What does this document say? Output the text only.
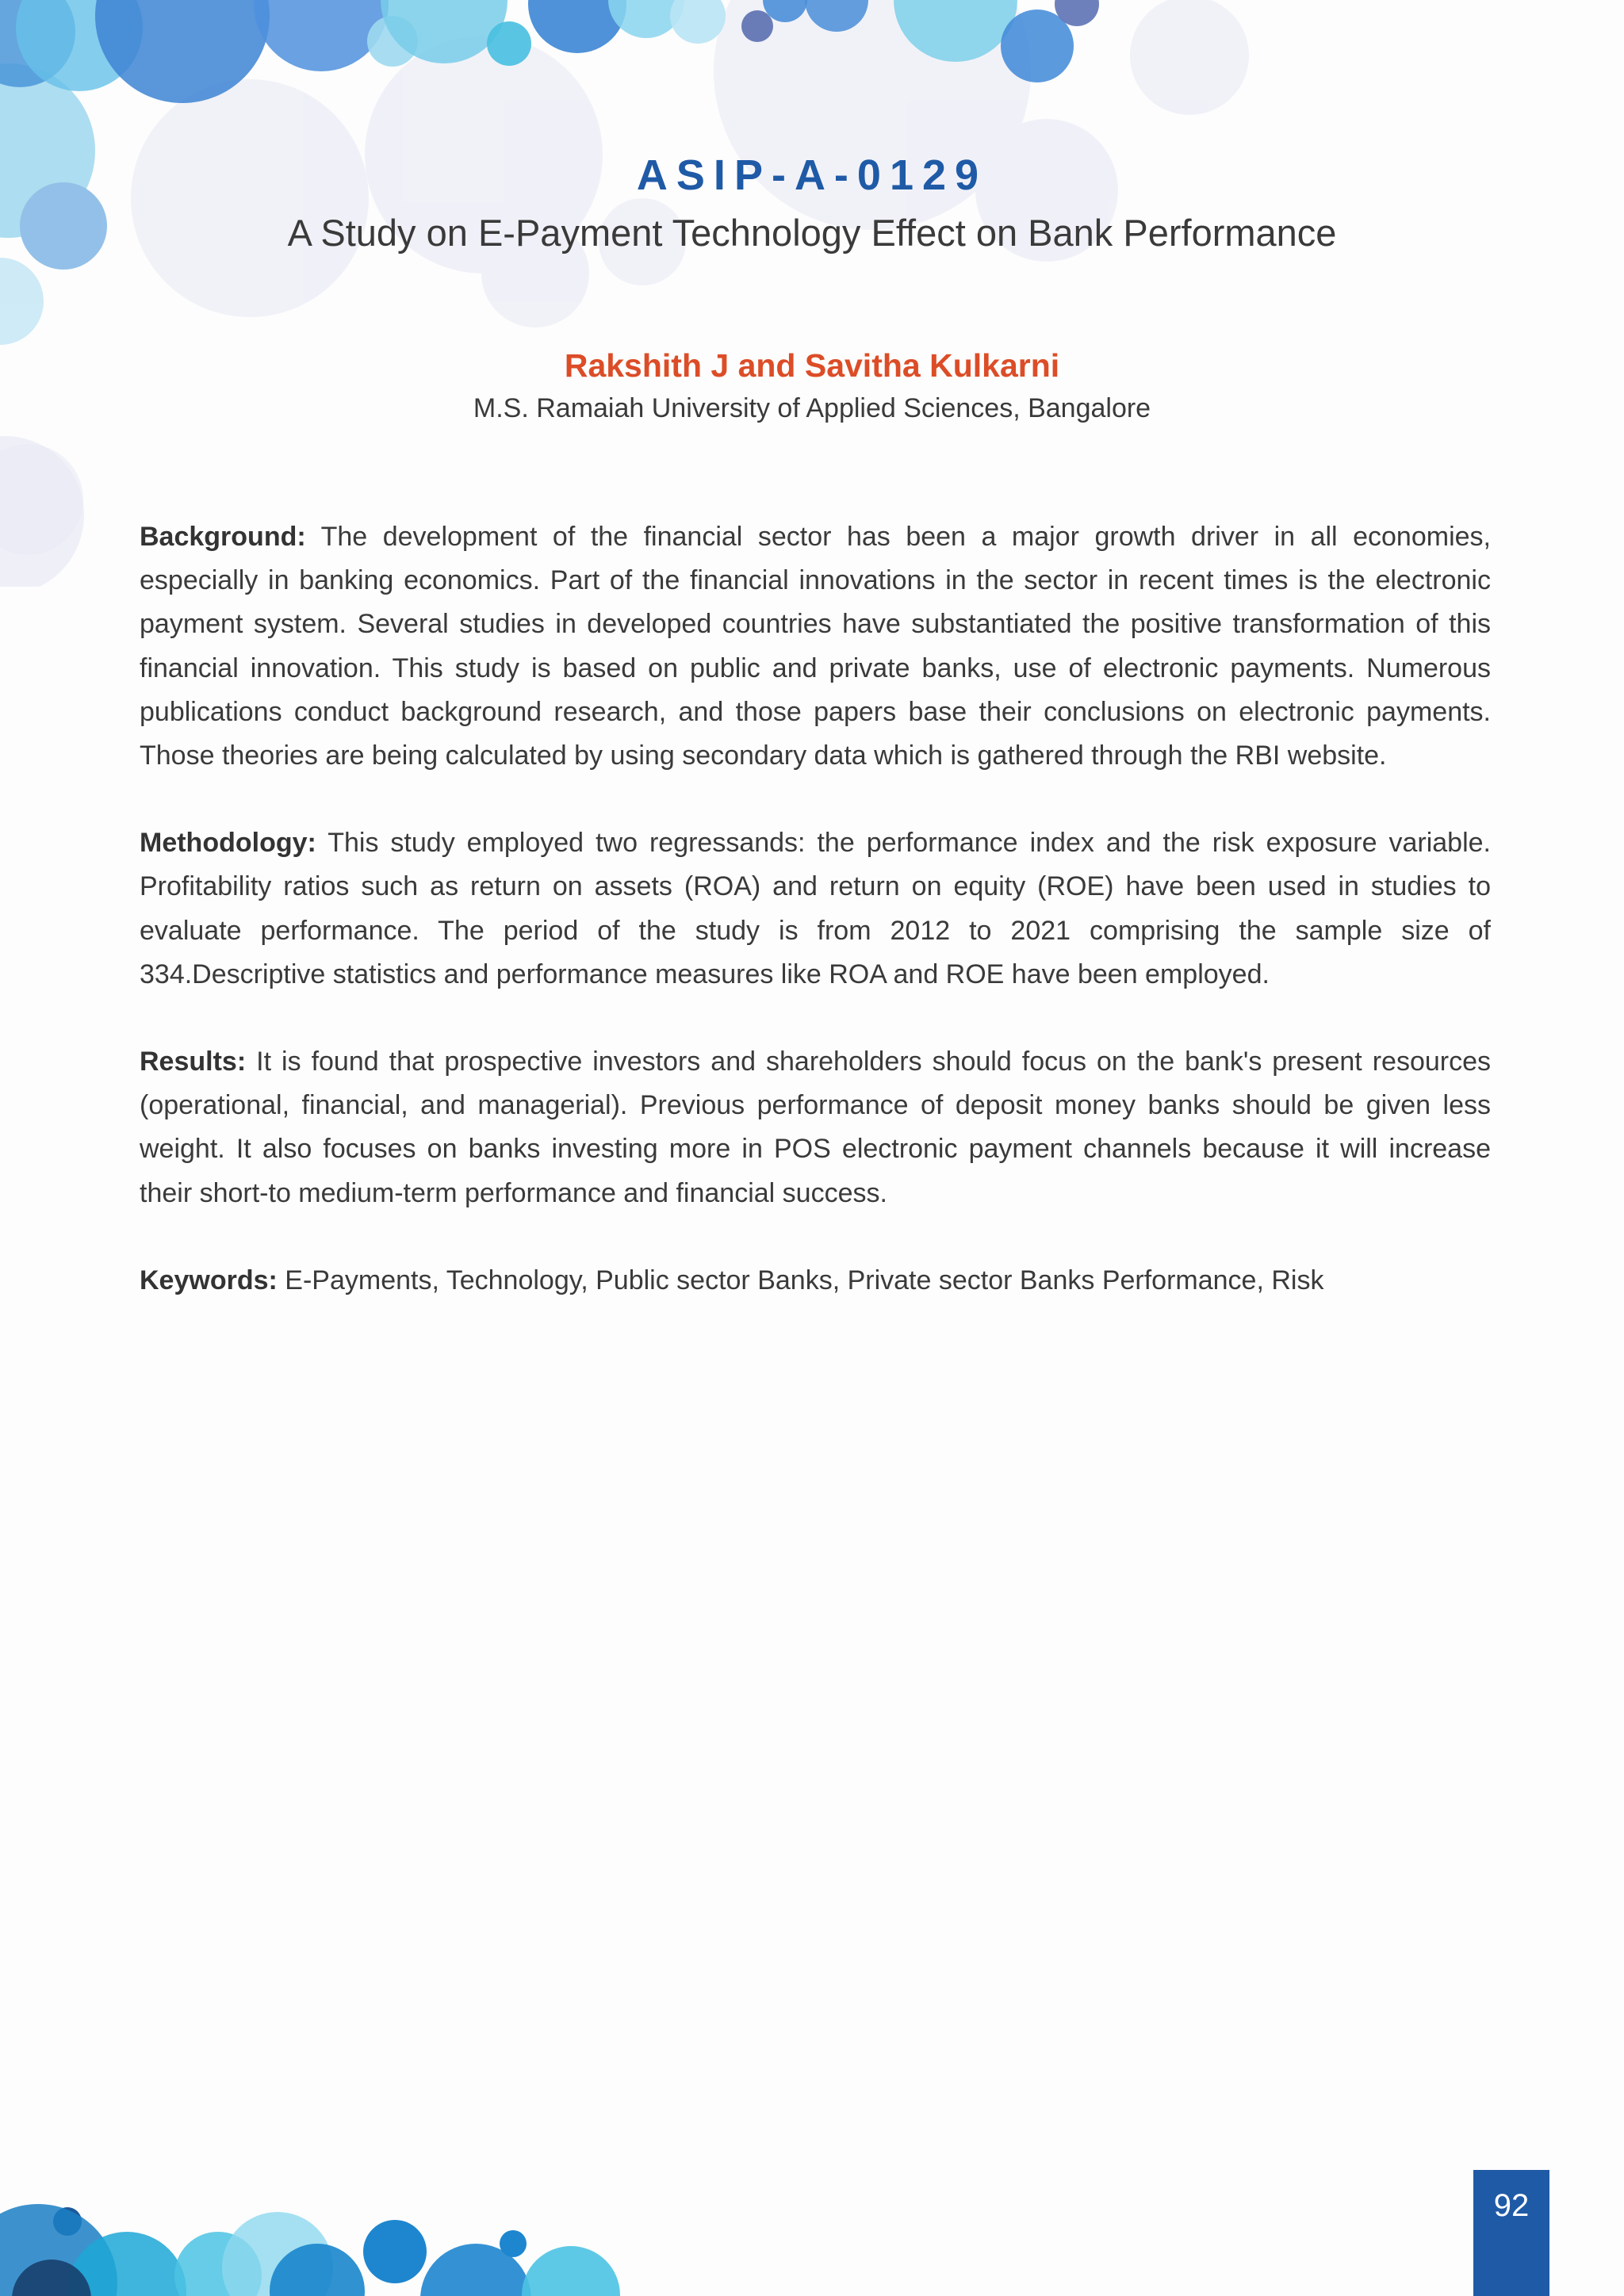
ASIP-A-0129
A Study on E-Payment Technology Effect on Bank Performance
Rakshith J and Savitha Kulkarni
M.S. Ramaiah University of Applied Sciences, Bangalore

Background: The development of the financial sector has been a major growth driver in all economies, especially in banking economics. Part of the financial innovations in the sector in recent times is the electronic payment system. Several studies in developed countries have substantiated the positive transformation of this financial innovation. This study is based on public and private banks, use of electronic payments. Numerous publications conduct background research, and those papers base their conclusions on electronic payments. Those theories are being calculated by using secondary data which is gathered through the RBI website.

Methodology: This study employed two regressands: the performance index and the risk exposure variable. Profitability ratios such as return on assets (ROA) and return on equity (ROE) have been used in studies to evaluate performance. The period of the study is from 2012 to 2021 comprising the sample size of 334.Descriptive statistics and performance measures like ROA and ROE have been employed.

Results: It is found that prospective investors and shareholders should focus on the bank's present resources (operational, financial, and managerial). Previous performance of deposit money banks should be given less weight. It also focuses on banks investing more in POS electronic payment channels because it will increase their short-to medium-term performance and financial success.

Keywords: E-Payments, Technology, Public sector Banks, Private sector Banks Performance, Risk

92
